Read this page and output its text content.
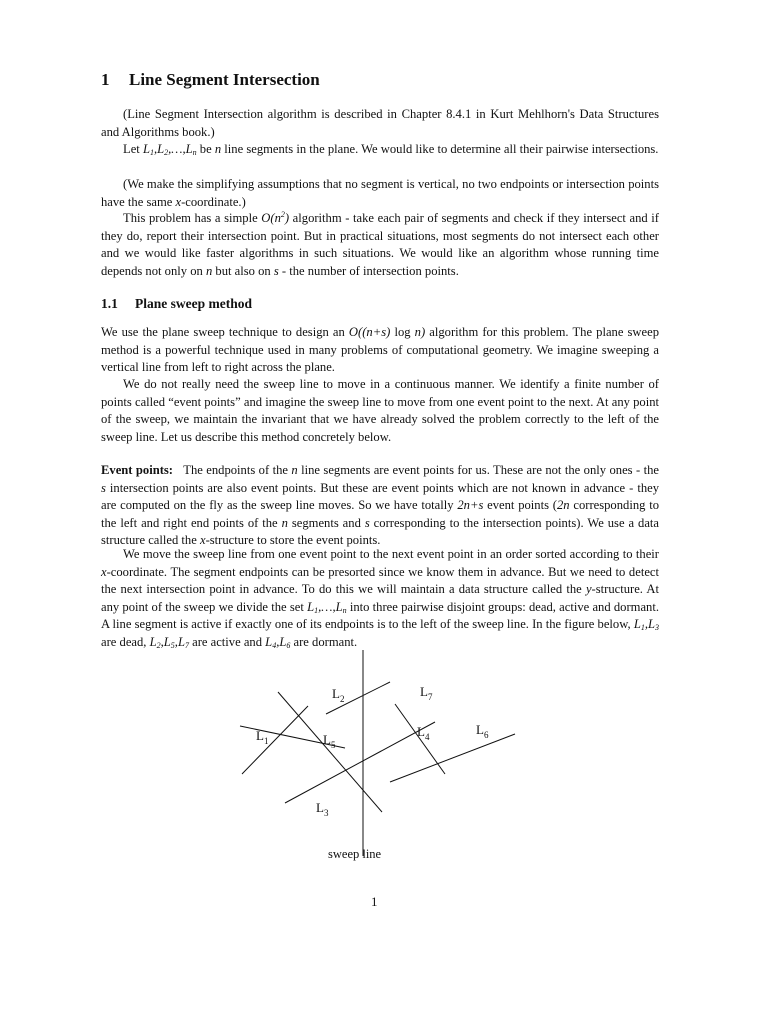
1 Line Segment Intersection

(Line Segment Intersection algorithm is described in Chapter 8.4.1 in Kurt Mehlhorn's Data Structures and Algorithms book.)

Let $L_1,L_2,\dots,L_n$ be n line segments in the plane. We would like to determine all their pairwise intersections.

(We make the simplifying assumptions that no segment is vertical, no two endpoints or intersection points have the same x-coordinate.)

This problem has a simple $O(n^2)$ algorithm - take each pair of segments and check if they intersect and if they do, report their intersection point. But in practical situations, most segments do not intersect each other and we would like faster algorithms in such situations. We would like an algorithm whose running time depends not only on n but also on s - the number of intersection points.

1.1 Plane sweep method

We use the plane sweep technique to design an O((n+s) log n) algorithm for this problem. The plane sweep method is a powerful technique used in many problems of computational geometry. We imagine sweeping a vertical line from left to right across the plane.

We do not really need the sweep line to move in a continuous manner. We identify a finite number of points called “event points” and imagine the sweep line to move from one event point to the next. At any point of the sweep, we maintain the invariant that we have already solved the problem correctly to the left of the sweep line. Let us describe this method concretely below.

Event points: The endpoints of the n line segments are event points for us. These are not the only ones - the s intersection points are also event points. But these are event points which are not known in advance - they are computed on the fly as the sweep line moves. So we have totally 2n+s event points (2n corresponding to the left and right end points of the n segments and s corresponding to the intersection points). We use a data structure called the x-structure to store the event points.

We move the sweep line from one event point to the next event point in an order sorted according to their x-coordinate. The segment endpoints can be presorted since we know them in advance. But we need to detect the next intersection point in advance. To do this we will maintain a data structure called the y-structure. At any point of the sweep we divide the set $L_1,\dots,L_n$ into three pairwise disjoint groups: dead, active and dormant. A line segment is active if exactly one of its endpoints is to the left of the sweep line. In the figure below, $L_1,L_3$ are dead, $L_2,L_5,L_7$ are active and $L_4,L_6$ are dormant.

$L_1$
$L_2$	$L_7$
$L_4$	$L_6$
$L_5$
$L_3$
sweep line
1
